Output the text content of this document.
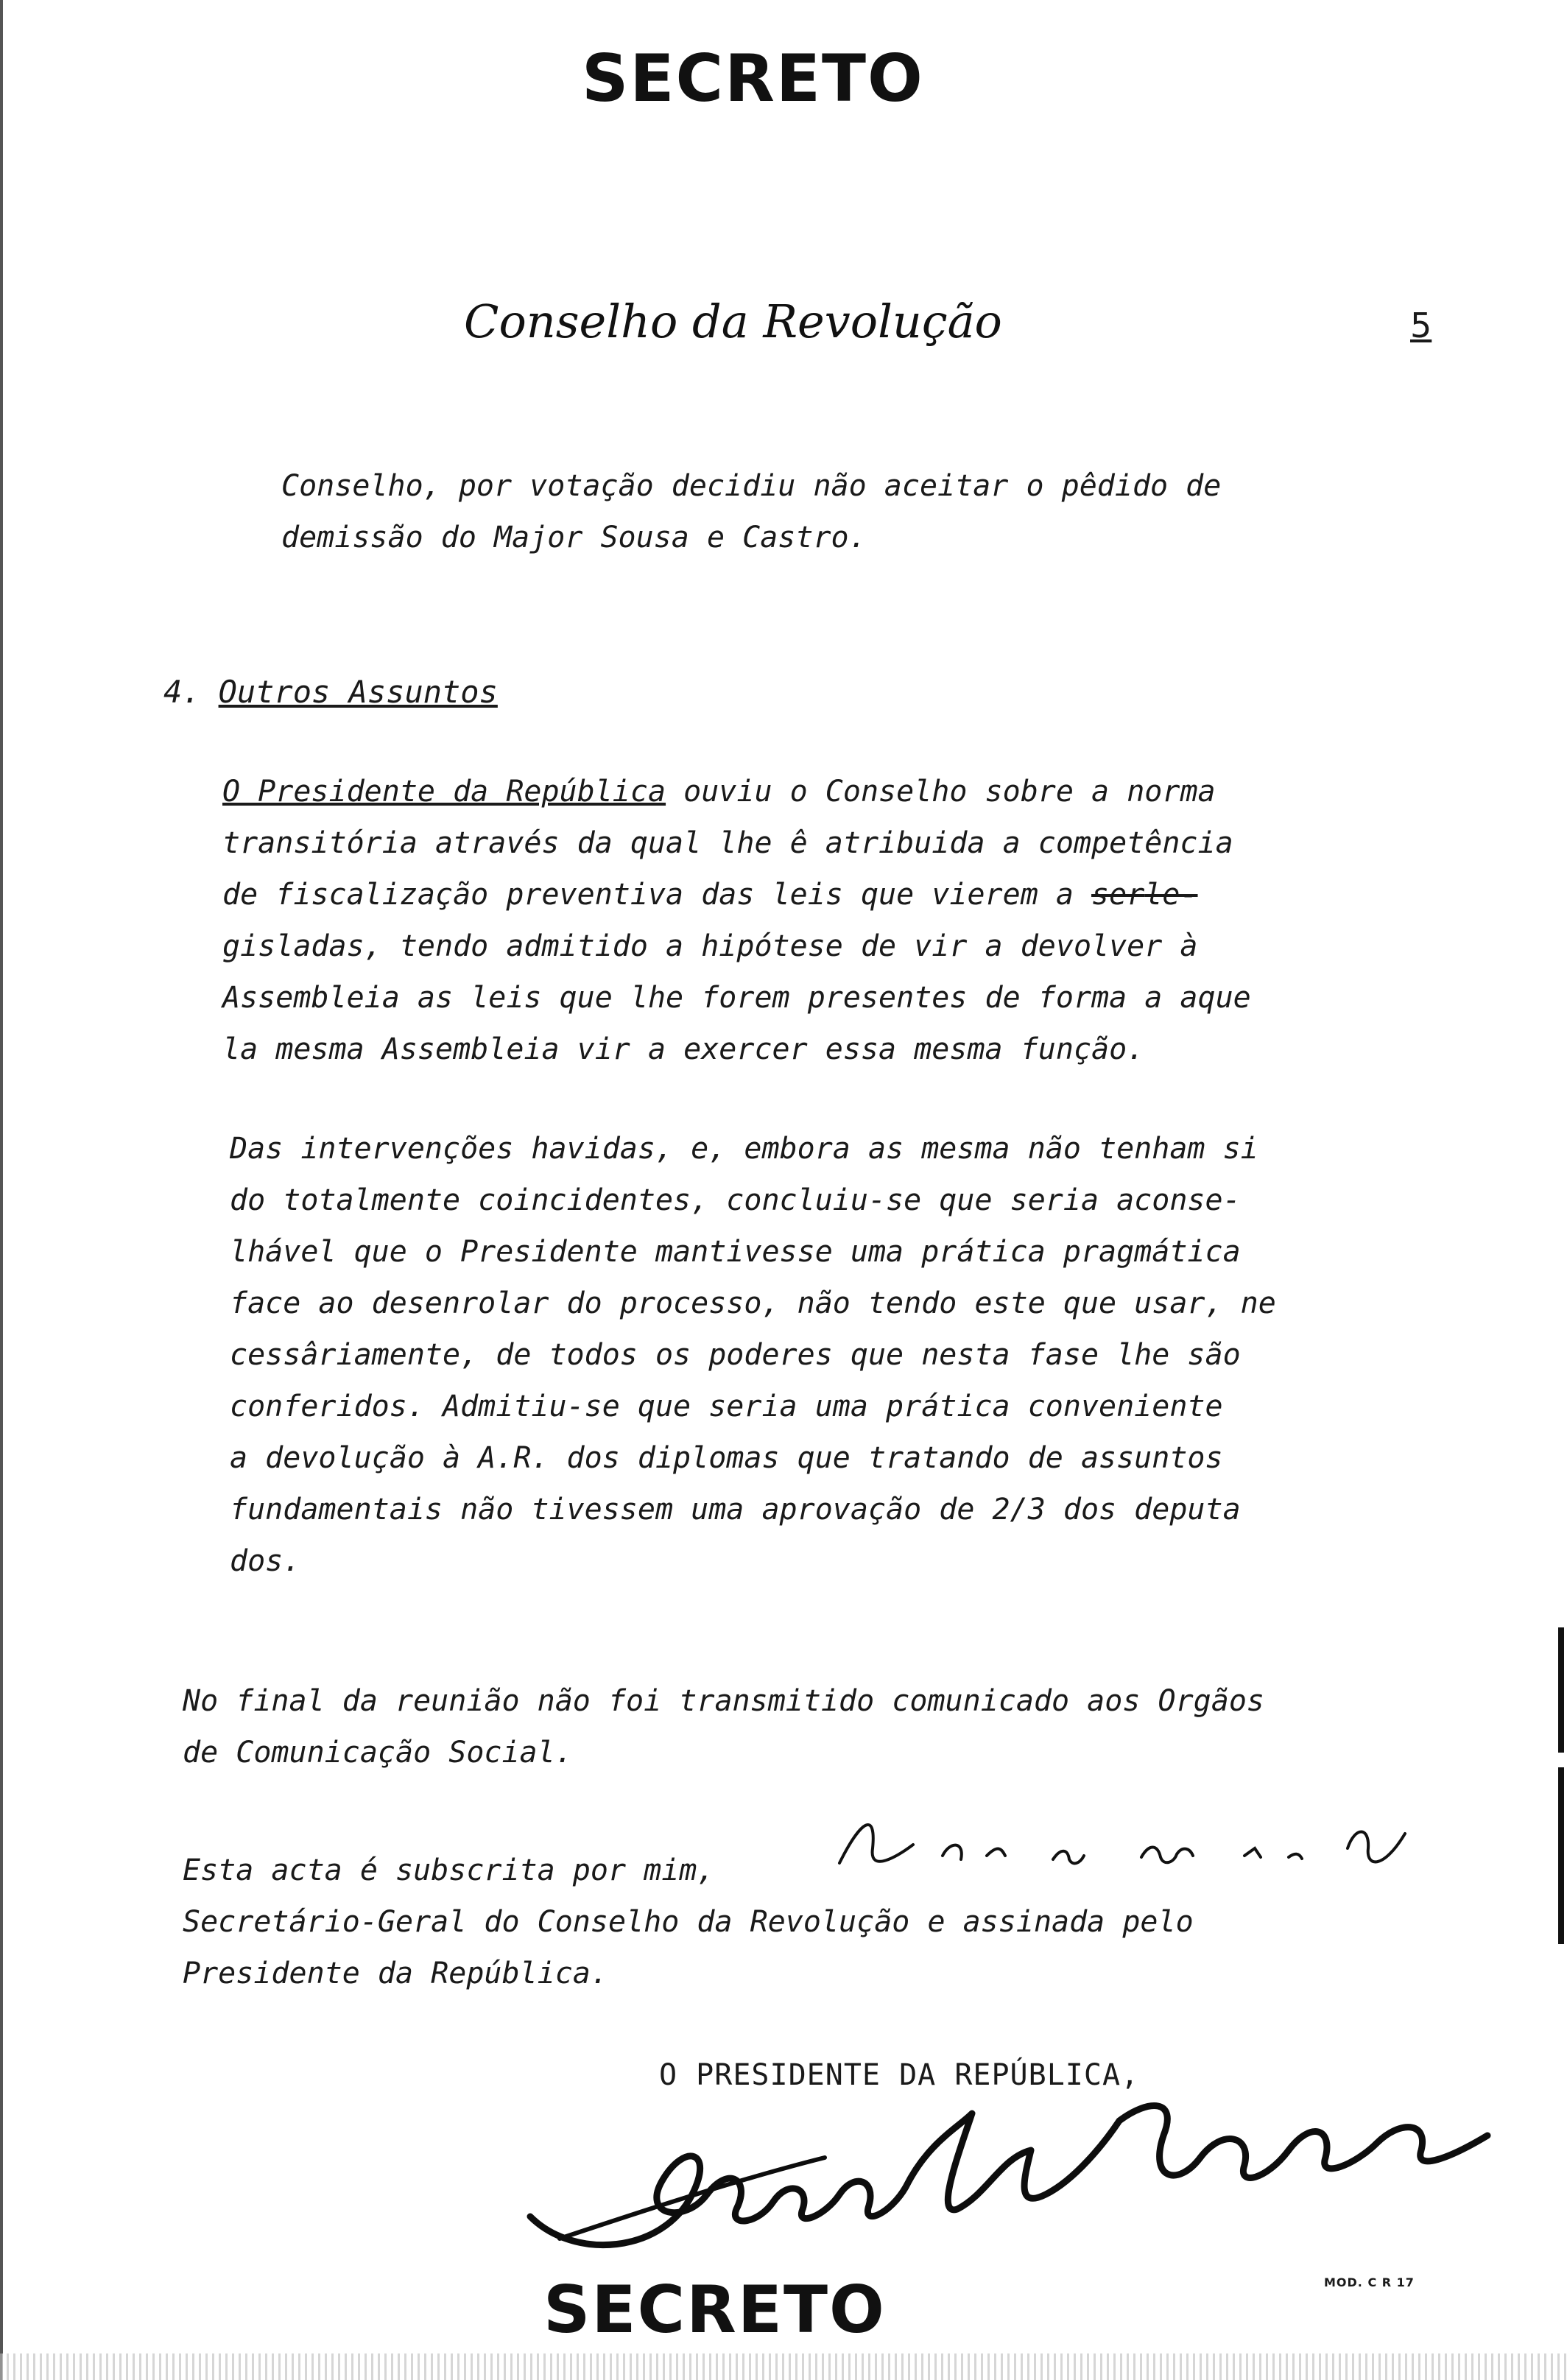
SECRETO
Conselho da Revolução	5
Conselho, por votação decidiu não aceitar o pêdido de
demissão do Major Sousa e Castro.
4. Outros Assuntos
O Presidente da República ouviu o Conselho sobre a norma
transitória através da qual lhe ê atribuida a competência
de fiscalização preventiva das leis que vierem a serle-
gisladas, tendo admitido a hipótese de vir a devolver à
Assembleia as leis que lhe forem presentes de forma a aque
la mesma Assembleia vir a exercer essa mesma função.
Das intervenções havidas, e, embora as mesma não tenham si
do totalmente coincidentes, concluiu-se que seria aconse-
lhável que o Presidente mantivesse uma prática pragmática
face ao desenrolar do processo, não tendo este que usar, ne
cessâriamente, de todos os poderes que nesta fase lhe são
conferidos. Admitiu-se que seria uma prática conveniente
a devolução à A.R. dos diplomas que tratando de assuntos
fundamentais não tivessem uma aprovação de 2/3 dos deputa
dos.
No final da reunião não foi transmitido comunicado aos Orgãos
de Comunicação Social.
Esta acta é subscrita por mim,
Secretário-Geral do Conselho da Revolução e assinada pelo
Presidente da República.
O PRESIDENTE DA REPÚBLICA,
SECRETO	MOD. C R 17
